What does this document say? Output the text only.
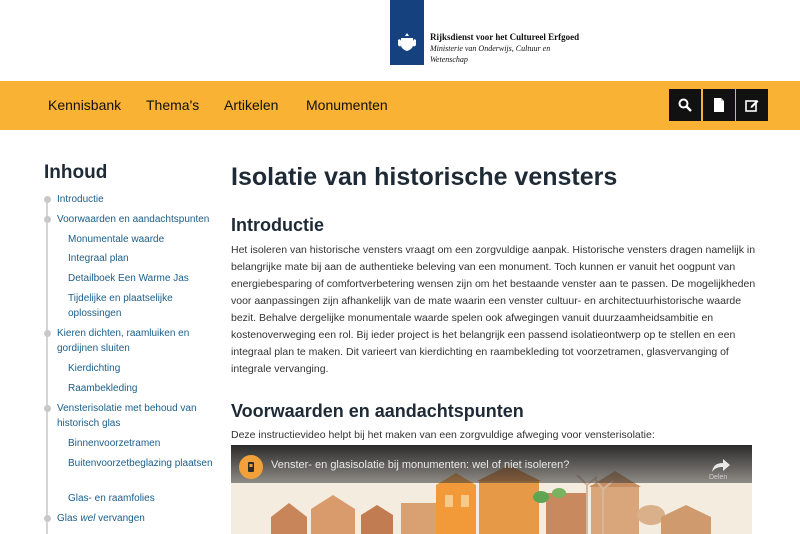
Rijksdienst voor het Cultureel Erfgoed
Ministerie van Onderwijs, Cultuur en Wetenschap
Kennisbank Thema's Artikelen Monumenten
Inhoud
Introductie
Voorwaarden en aandachtspunten
Monumentale waarde
Integraal plan
Detailboek Een Warme Jas
Tijdelijke en plaatselijke oplossingen
Kieren dichten, raamluiken en gordijnen sluiten
Kierdichting
Raambekleding
Vensterisolatie met behoud van historisch glas
Binnenvoorzetramen
Buitenvoorzetbeglazing plaatsen
Glas- en raamfolies
Glas wel vervangen
Isolatie van historische vensters
Introductie

Het isoleren van historische vensters vraagt om een zorgvuldige aanpak. Historische vensters dragen namelijk in belangrijke mate bij aan de authentieke beleving van een monument. Toch kunnen er vanuit het oogpunt van energiebesparing of comfortverbetering wensen zijn om het bestaande venster aan te passen. De mogelijkheden voor aanpassingen zijn afhankelijk van de mate waarin een venster cultuur- en architectuurhistorische waarde bezit. Behalve dergelijke monumentale waarde spelen ook afwegingen vanuit duurzaamheidsambitie en kostenoverweging een rol. Bij ieder project is het belangrijk een passend isolatieontwerp op te stellen en een integraal plan te maken. Dit varieert van kierdichting en raambekleding tot voorzetramen, glasvervanging of integrale vervanging.

Voorwaarden en aandachtspunten

Deze instructievideo helpt bij het maken van een zorgvuldige afweging voor vensterisolatie:

Venster- en glasisolatie bij monumenten: wel of niet isoleren?
Delen
